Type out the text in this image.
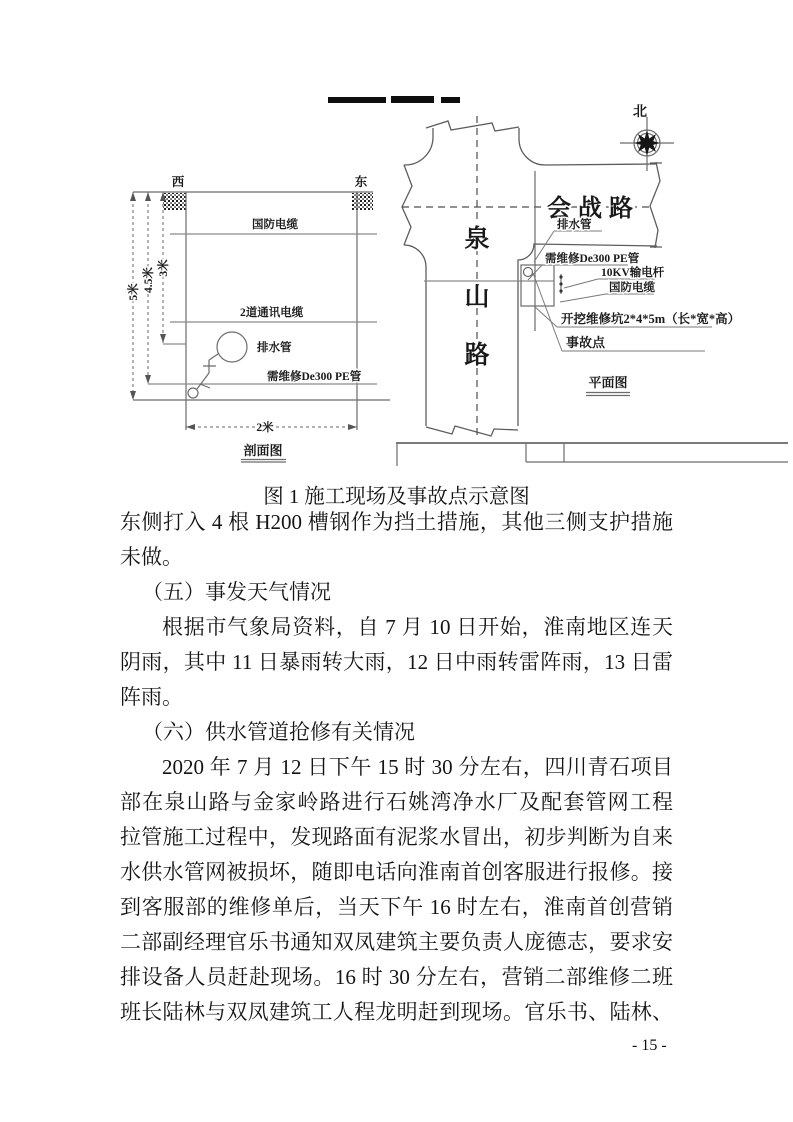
西	东
国防电缆
2道通讯电缆
排水管
需维修De300 PE管
5米 4.5米 3米
2米
剖面图
北
会战路
泉
山
路
排水管
需维修De300 PE管
10KV输电杆
国防电缆
开挖维修坑2*4*5m（长*宽*高）
事故点
平面图
图 1 施工现场及事故点示意图
东侧打入 4 根 H200 槽钢作为挡土措施，其他三侧支护措施
未做。
（五）事发天气情况
根据市气象局资料，自 7 月 10 日开始，淮南地区连天
阴雨，其中 11 日暴雨转大雨，12 日中雨转雷阵雨，13 日雷
阵雨。
（六）供水管道抢修有关情况
2020 年 7 月 12 日下午 15 时 30 分左右，四川青石项目
部在泉山路与金家岭路进行石姚湾净水厂及配套管网工程
拉管施工过程中，发现路面有泥浆水冒出，初步判断为自来
水供水管网被损坏，随即电话向淮南首创客服进行报修。接
到客服部的维修单后，当天下午 16 时左右，淮南首创营销
二部副经理官乐书通知双凤建筑主要负责人庞德志，要求安
排设备人员赶赴现场。16 时 30 分左右，营销二部维修二班
班长陆林与双凤建筑工人程龙明赶到现场。官乐书、陆林、
- 15 -
